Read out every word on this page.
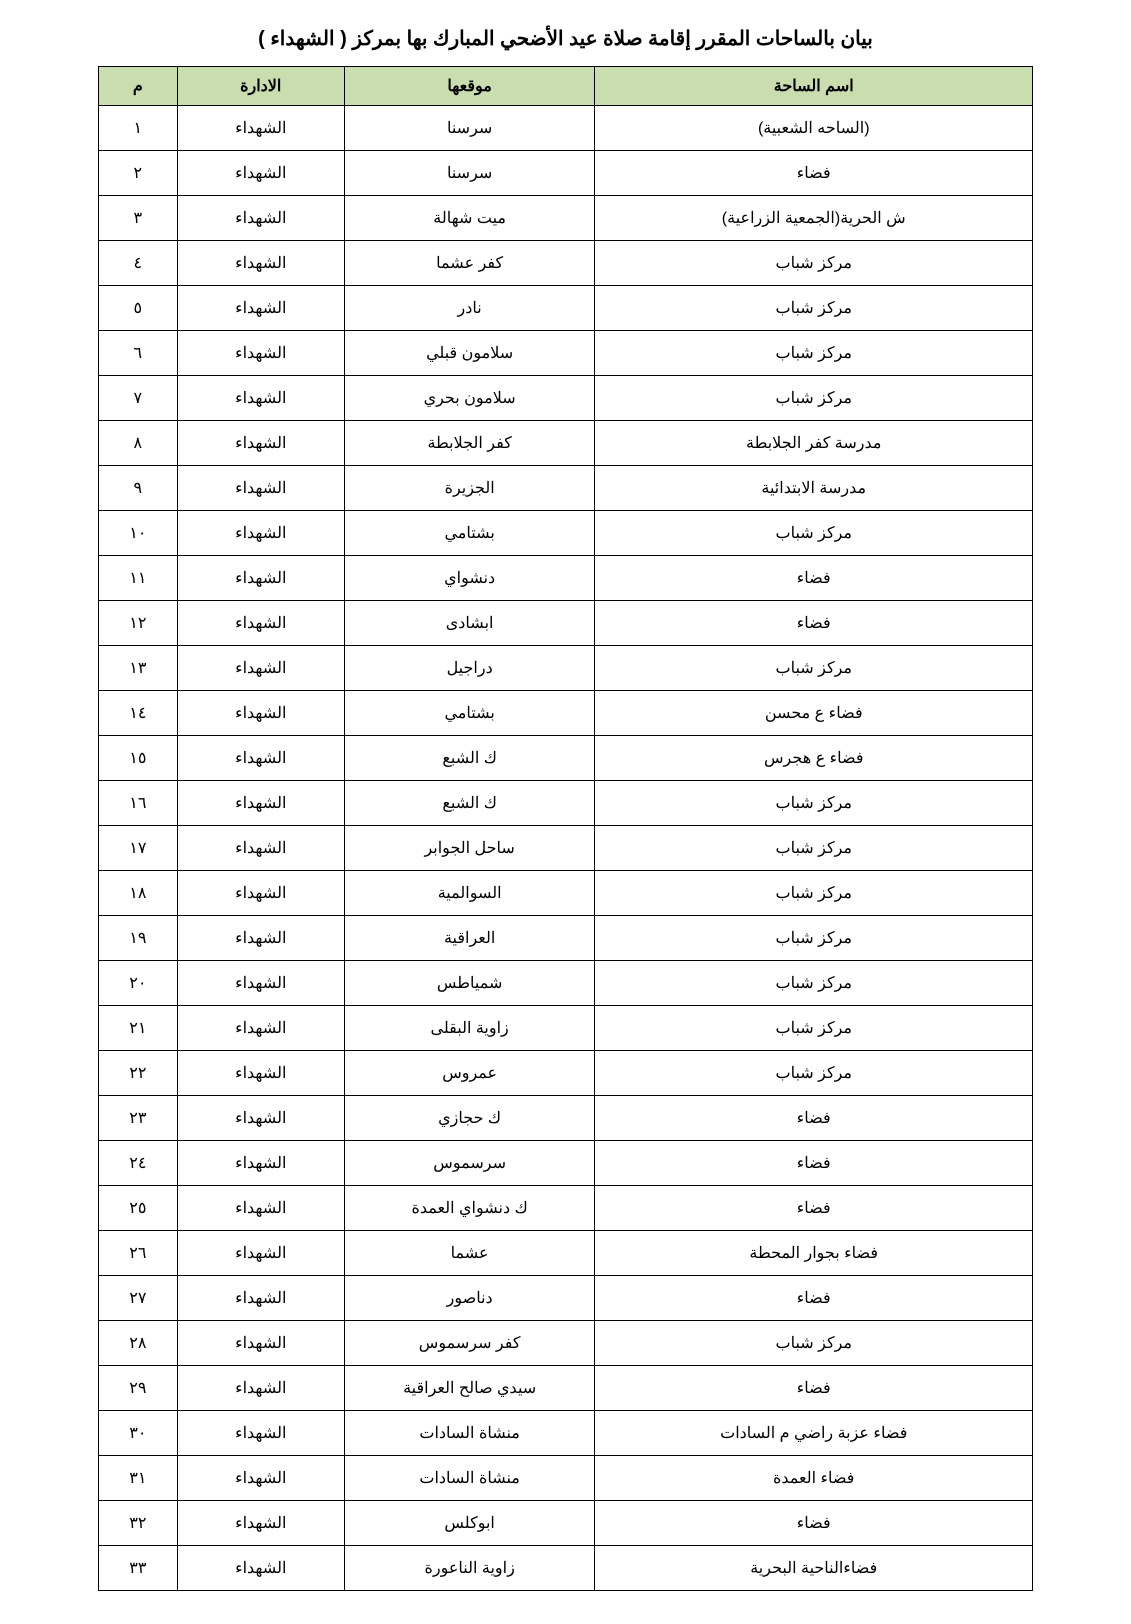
بيان بالساحات المقرر إقامة صلاة عيد الأضحي المبارك بها بمركز ( الشهداء )
اسم الساحة	موقعها	الادارة	م
(الساحه الشعبية)	سرسنا	الشهداء	١
فضاء	سرسنا	الشهداء	٢
ش الحرية(الجمعية الزراعية)	ميت شهالة	الشهداء	٣
مركز شباب	كفر عشما	الشهداء	٤
مركز شباب	نادر	الشهداء	٥
مركز شباب	سلامون قبلي	الشهداء	٦
مركز شباب	سلامون بحري	الشهداء	٧
مدرسة كفر الجلابطة	كفر الجلابطة	الشهداء	٨
مدرسة الابتدائية	الجزيرة	الشهداء	٩
مركز شباب	بشتامي	الشهداء	١٠
فضاء	دنشواي	الشهداء	١١
فضاء	ابشادى	الشهداء	١٢
مركز شباب	دراجيل	الشهداء	١٣
فضاء ع محسن	بشتامي	الشهداء	١٤
فضاء ع هجرس	ك الشبع	الشهداء	١٥
مركز شباب	ك الشبع	الشهداء	١٦
مركز شباب	ساحل الجوابر	الشهداء	١٧
مركز شباب	السوالمية	الشهداء	١٨
مركز شباب	العراقية	الشهداء	١٩
مركز شباب	شمياطس	الشهداء	٢٠
مركز شباب	زاوية البقلى	الشهداء	٢١
مركز شباب	عمروس	الشهداء	٢٢
فضاء	ك حجازي	الشهداء	٢٣
فضاء	سرسموس	الشهداء	٢٤
فضاء	ك دنشواي العمدة	الشهداء	٢٥
فضاء بجوار المحطة	عشما	الشهداء	٢٦
فضاء	دناصور	الشهداء	٢٧
مركز شباب	كفر سرسموس	الشهداء	٢٨
فضاء	سيدي صالح العراقية	الشهداء	٢٩
فضاء عزبة راضي م السادات	منشاة السادات	الشهداء	٣٠
فضاء العمدة	منشاة السادات	الشهداء	٣١
فضاء	ابوكلس	الشهداء	٣٢
فضاءالناحية البحرية	زاوية الناعورة	الشهداء	٣٣
